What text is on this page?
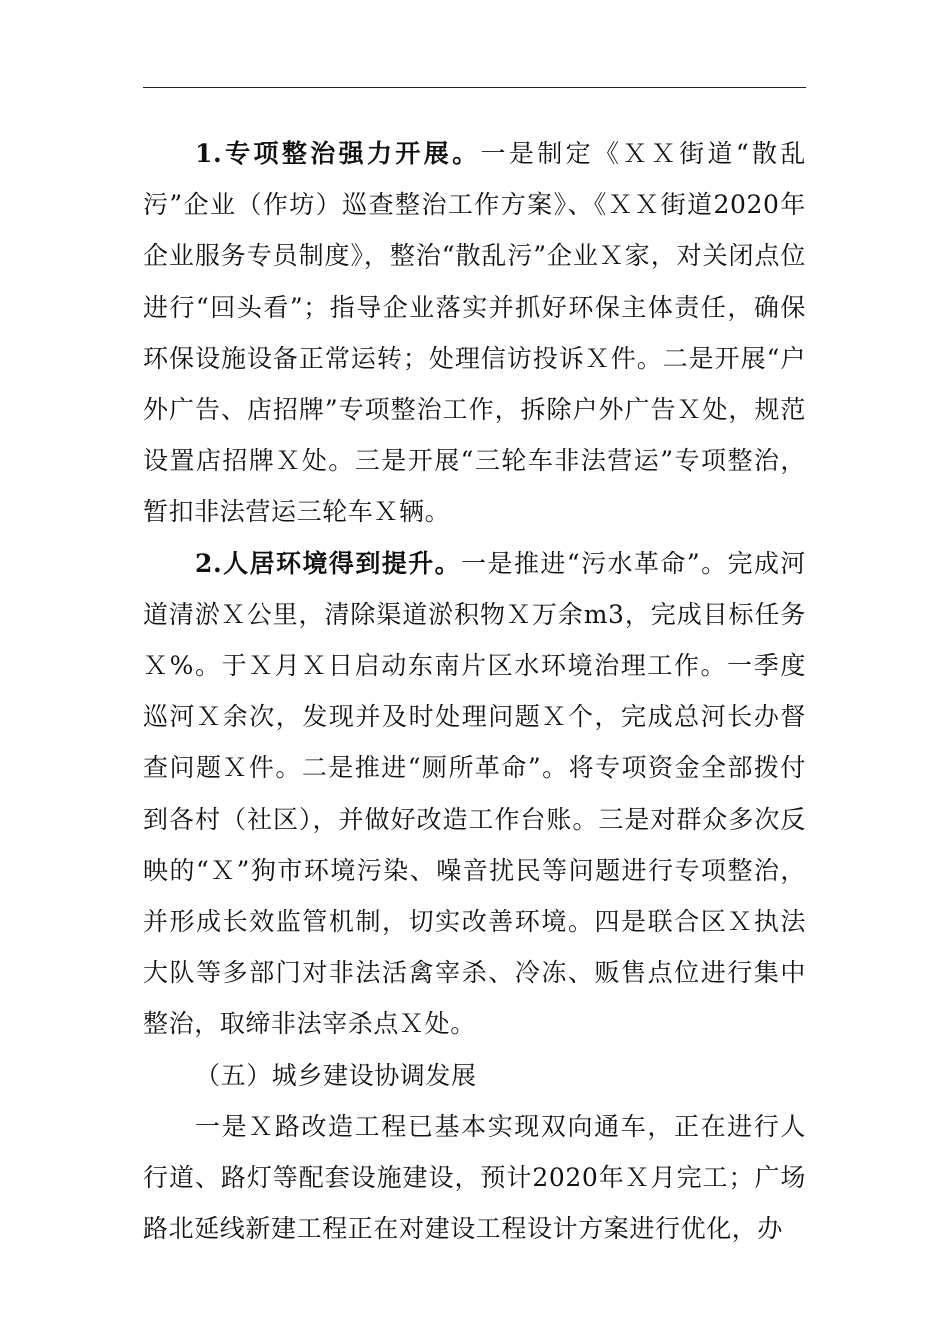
1.专项整治强力开展。一是制定《ＸＸ街道“散乱污”企业（作坊）巡查整治工作方案》、《ＸＸ街道2020年企业服务专员制度》，整治“散乱污”企业Ｘ家，对关闭点位进行“回头看”；指导企业落实并抓好环保主体责任，确保环保设施设备正常运转；处理信访投诉Ｘ件。二是开展“户外广告、店招牌”专项整治工作，拆除户外广告Ｘ处，规范设置店招牌Ｘ处。三是开展“三轮车非法营运”专项整治，暂扣非法营运三轮车Ｘ辆。

2.人居环境得到提升。一是推进“污水革命”。完成河道清淤Ｘ公里，清除渠道淤积物Ｘ万余m3，完成目标任务Ｘ%。于Ｘ月Ｘ日启动东南片区水环境治理工作。一季度巡河Ｘ余次，发现并及时处理问题Ｘ个，完成总河长办督查问题Ｘ件。二是推进“厕所革命”。将专项资金全部拨付到各村（社区），并做好改造工作台账。三是对群众多次反映的“Ｘ”狗市环境污染、噪音扰民等问题进行专项整治，并形成长效监管机制，切实改善环境。四是联合区Ｘ执法大队等多部门对非法活禽宰杀、冷冻、贩售点位进行集中整治，取缔非法宰杀点Ｘ处。

（五）城乡建设协调发展

一是Ｘ路改造工程已基本实现双向通车，正在进行人行道、路灯等配套设施建设，预计2020年Ｘ月完工；广场路北延线新建工程正在对建设工程设计方案进行优化，办
